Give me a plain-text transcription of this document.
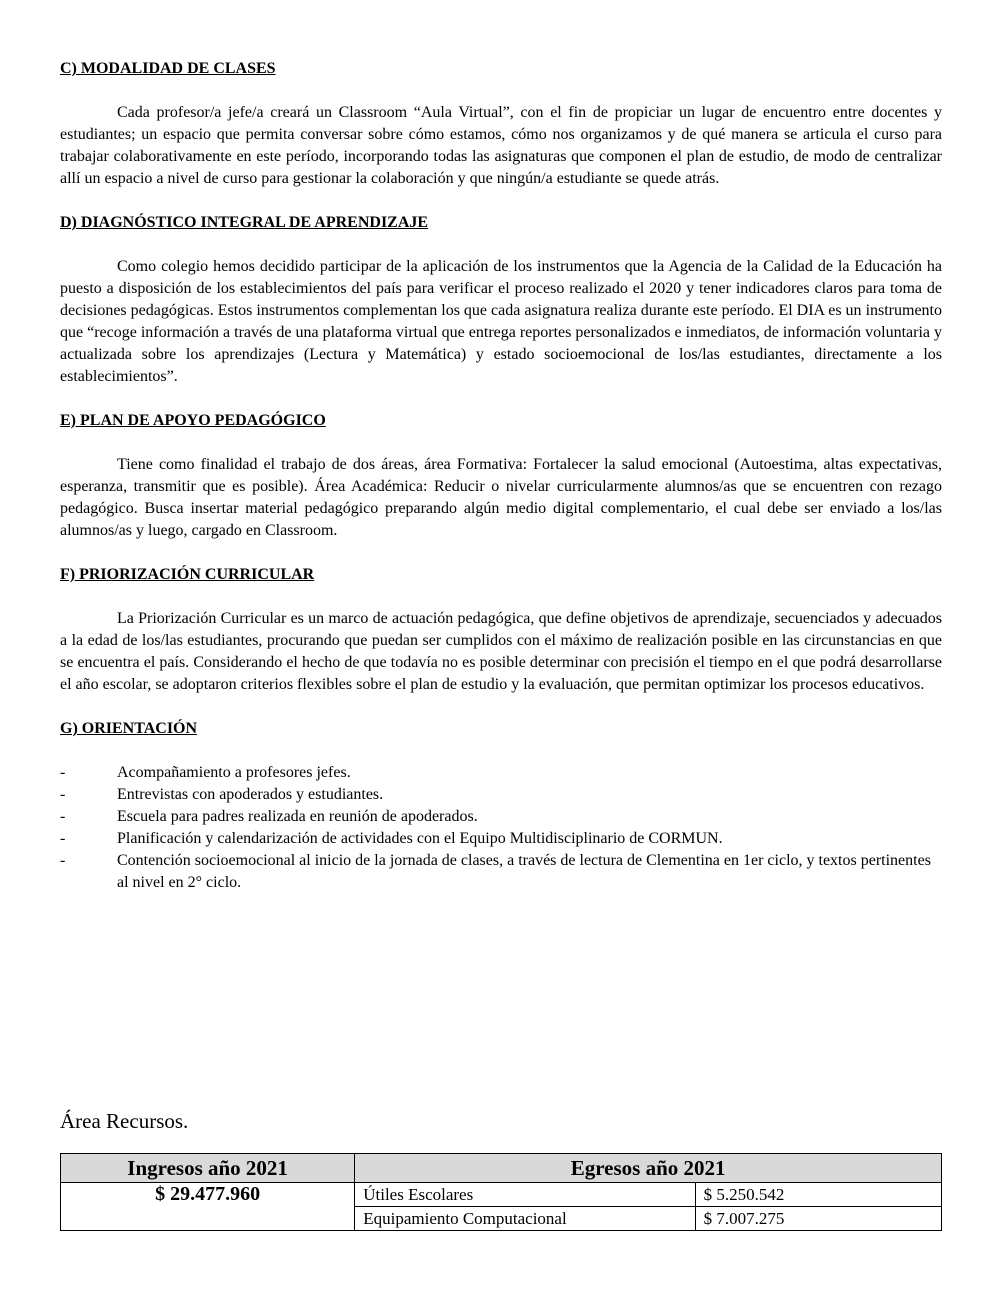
C) MODALIDAD DE CLASES

Cada profesor/a jefe/a creará un Classroom “Aula Virtual”, con el fin de propiciar un lugar de encuentro entre docentes y estudiantes; un espacio que permita conversar sobre cómo estamos, cómo nos organizamos y de qué manera se articula el curso para trabajar colaborativamente en este período, incorporando todas las asignaturas que componen el plan de estudio, de modo de centralizar allí un espacio a nivel de curso para gestionar la colaboración y que ningún/a estudiante se quede atrás.

D) DIAGNÓSTICO INTEGRAL DE APRENDIZAJE

Como colegio hemos decidido participar de la aplicación de los instrumentos que la Agencia de la Calidad de la Educación ha puesto a disposición de los establecimientos del país para verificar el proceso realizado el 2020 y tener indicadores claros para toma de decisiones pedagógicas. Estos instrumentos complementan los que cada asignatura realiza durante este período. El DIA es un instrumento que “recoge información a través de una plataforma virtual que entrega reportes personalizados e inmediatos, de información voluntaria y actualizada sobre los aprendizajes (Lectura y Matemática) y estado socioemocional de los/las estudiantes, directamente a los establecimientos”.

E) PLAN DE APOYO PEDAGÓGICO

Tiene como finalidad el trabajo de dos áreas, área Formativa: Fortalecer la salud emocional (Autoestima, altas expectativas, esperanza, transmitir que es posible). Área Académica: Reducir o nivelar curricularmente alumnos/as que se encuentren con rezago pedagógico. Busca insertar material pedagógico preparando algún medio digital complementario, el cual debe ser enviado a los/las alumnos/as y luego, cargado en Classroom.

F) PRIORIZACIÓN CURRICULAR

La Priorización Curricular es un marco de actuación pedagógica, que define objetivos de aprendizaje, secuenciados y adecuados a la edad de los/las estudiantes, procurando que puedan ser cumplidos con el máximo de realización posible en las circunstancias en que se encuentra el país. Considerando el hecho de que todavía no es posible determinar con precisión el tiempo en el que podrá desarrollarse el año escolar, se adoptaron criterios flexibles sobre el plan de estudio y la evaluación, que permitan optimizar los procesos educativos.

G) ORIENTACIÓN
-	Acompañamiento a profesores jefes.
-	Entrevistas con apoderados y estudiantes.
-	Escuela para padres realizada en reunión de apoderados.
-	Planificación y calendarización de actividades con el Equipo Multidisciplinario de CORMUN.
-	Contención socioemocional al inicio de la jornada de clases, a través de lectura de Clementina en 1er ciclo, y textos pertinentes al nivel en 2° ciclo.
Área Recursos.
Ingresos año 2021	Egresos año 2021	
$ 29.477.960	Útiles Escolares	$ 5.250.542
	Equipamiento Computacional	$ 7.007.275
